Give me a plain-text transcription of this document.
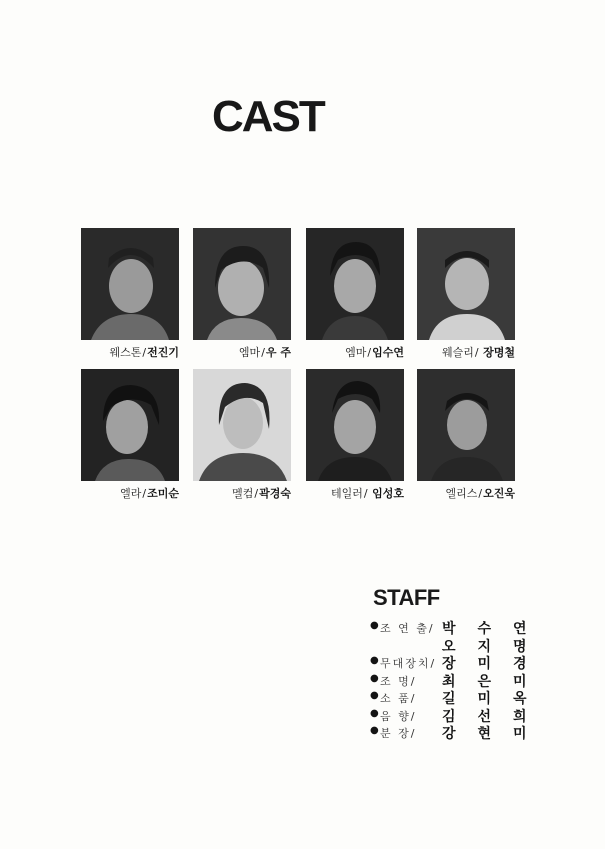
CAST
웨스톤/전진기	엠마/우 주	엠마/임수연	웨슬리/ 장명철
엘라/조미순	멜컴/곽경숙	테일러/ 임성호	엘리스/오진욱
STAFF
● 조 연 출/ 박수연
오지명
● 무대장치/ 장미경
● 조 명/	최은미
● 소 품/	길미옥
● 음 향/	김선희
● 분 장/	강현미
